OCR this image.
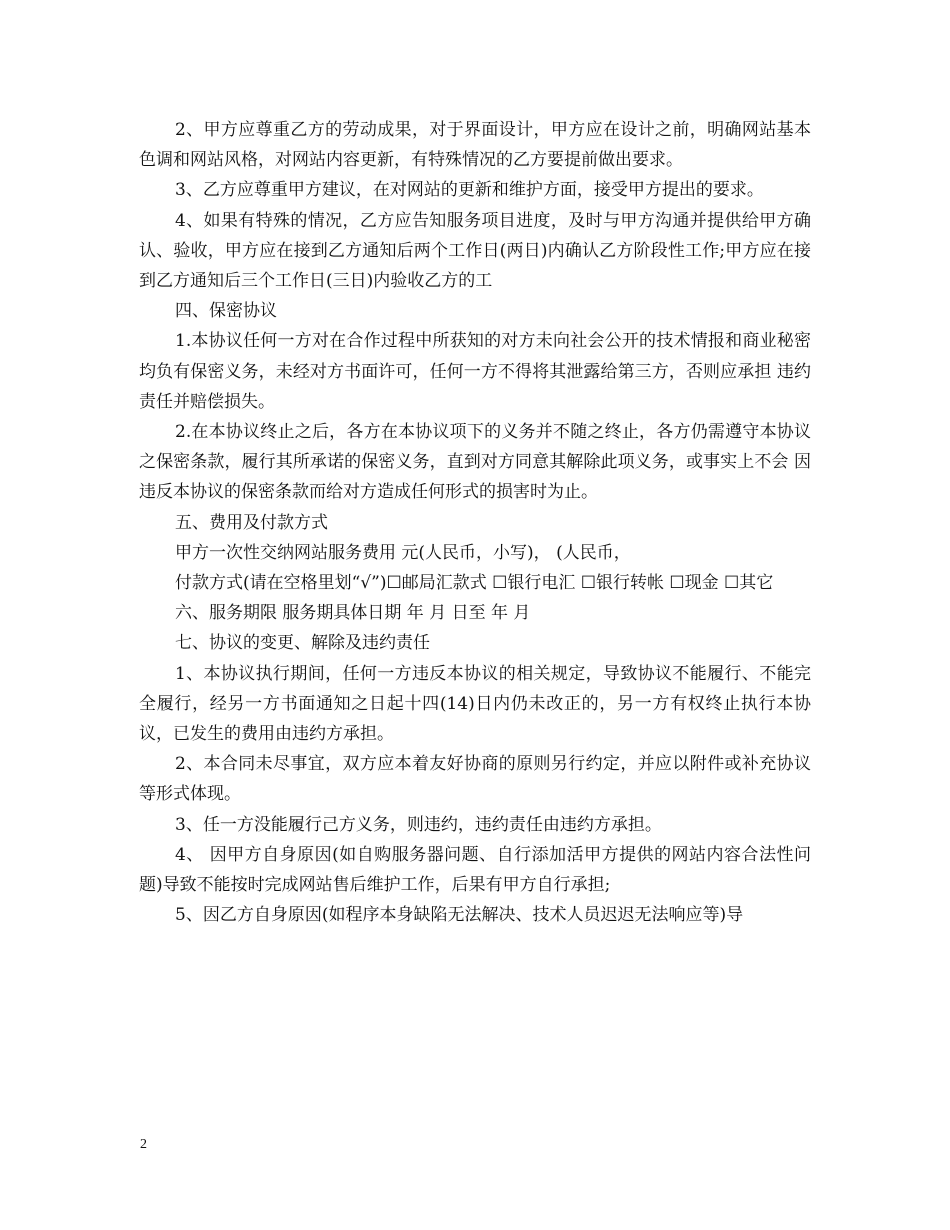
2、甲方应尊重乙方的劳动成果，对于界面设计，甲方应在设计之前，明确网站基本色调和网站风格，对网站内容更新，有特殊情况的乙方要提前做出要求。

3、乙方应尊重甲方建议，在对网站的更新和维护方面，接受甲方提出的要求。

4、如果有特殊的情况，乙方应告知服务项目进度，及时与甲方沟通并提供给甲方确认、验收，甲方应在接到乙方通知后两个工作日(两日)内确认乙方阶段性工作;甲方应在接到乙方通知后三个工作日(三日)内验收乙方的工

四、保密协议

1.本协议任何一方对在合作过程中所获知的对方未向社会公开的技术情报和商业秘密 均负有保密义务，未经对方书面许可，任何一方不得将其泄露给第三方，否则应承担 违约责任并赔偿损失。

2.在本协议终止之后，各方在本协议项下的义务并不随之终止，各方仍需遵守本协议 之保密条款，履行其所承诺的保密义务，直到对方同意其解除此项义务，或事实上不会 因违反本协议的保密条款而给对方造成任何形式的损害时为止。

五、费用及付款方式

甲方一次性交纳网站服务费用 元(人民币，小写)， (人民币，

付款方式(请在空格里划“√”)☐邮局汇款式 ☐银行电汇 ☐银行转帐 ☐现金 ☐其它

六、服务期限 服务期具体日期 年 月 日至 年 月

七、协议的变更、解除及违约责任

1、本协议执行期间，任何一方违反本协议的相关规定，导致协议不能履行、不能完全履行，经另一方书面通知之日起十四(14)日内仍未改正的，另一方有权终止执行本协议，已发生的费用由违约方承担。

2、本合同未尽事宜，双方应本着友好协商的原则另行约定，并应以附件或补充协议等形式体现。

3、任一方没能履行己方义务，则违约，违约责任由违约方承担。

4、 因甲方自身原因(如自购服务器问题、自行添加活甲方提供的网站内容合法性问题)导致不能按时完成网站售后维护工作，后果有甲方自行承担;

5、因乙方自身原因(如程序本身缺陷无法解决、技术人员迟迟无法响应等)导

2
